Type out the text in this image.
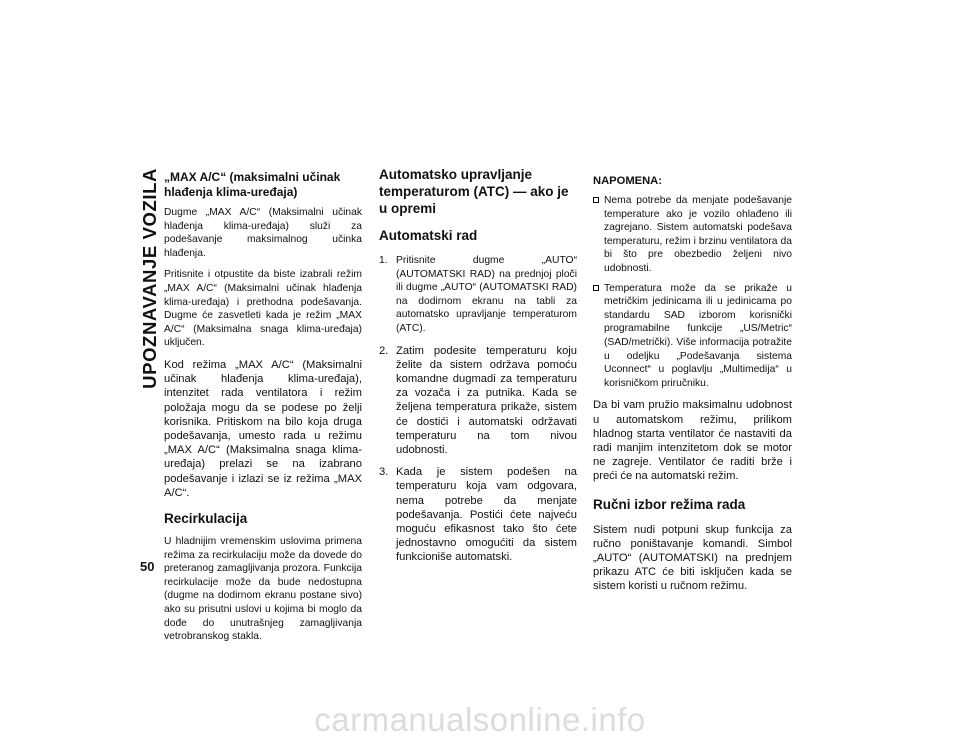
UPOZNAVANJE VOZILA
50
„MAX A/C“ (maksimalni učinak hlađenja klima-uređaja)

Dugme „MAX A/C“ (Maksimalni učinak hlađenja klima-uređaja) služi za podešavanje maksimalnog učinka hlađenja.

Pritisnite i otpustite da biste izabrali režim „MAX A/C“ (Maksimalni učinak hlađenja klima-uređaja) i prethodna podešavanja. Dugme će zasvetleti kada je režim „MAX A/C“ (Maksimalna snaga klima-uređaja) uključen.

Kod režima „MAX A/C“ (Maksimalni učinak hlađenja klima-uređaja), intenzitet rada ventilatora i režim položaja mogu da se podese po želji korisnika. Pritiskom na bilo koja druga podešavanja, umesto rada u režimu „MAX A/C“ (Maksimalna snaga klima-uređaja) prelazi se na izabrano podešavanje i izlazi se iz režima „MAX A/C“.

Recirkulacija

U hladnijim vremenskim uslovima primena režima za recirkulaciju može da dovede do preteranog zamagljivanja prozora. Funkcija recirkulacije može da bude nedostupna (dugme na dodirnom ekranu postane sivo) ako su prisutni uslovi u kojima bi moglo da dođe do unutrašnjeg zamagljivanja vetrobranskog stakla.

Automatsko upravljanje temperaturom (ATC) — ako je u opremi
Automatski rad
1. Pritisnite dugme „AUTO“ (AUTOMATSKI RAD) na prednjoj ploči ili dugme „AUTO“ (AUTOMATSKI RAD) na dodirnom ekranu na tabli za automatsko upravljanje temperaturom (ATC).
2. Zatim podesite temperaturu koju želite da sistem održava pomoću komandne dugmadi za temperaturu za vozača i za putnika. Kada se željena temperatura prikaže, sistem će dostići i automatski održavati temperaturu na tom nivou udobnosti.
3. Kada je sistem podešen na temperaturu koja vam odgovara, nema potrebe da menjate podešavanja. Postići ćete najveću moguću efikasnost tako što ćete jednostavno omogućiti da sistem funkcioniše automatski.
NAPOMENA:
Nema potrebe da menjate podešavanje temperature ako je vozilo ohlađeno ili zagrejano. Sistem automatski podešava temperaturu, režim i brzinu ventilatora da bi što pre obezbedio željeni nivo udobnosti.
Temperatura može da se prikaže u metričkim jedinicama ili u jedinicama po standardu SAD izborom korisnički programabilne funkcije „US/Metric“ (SAD/metrički). Više informacija potražite u odeljku „Podešavanja sistema Uconnect“ u poglavlju „Multimedija“ u korisničkom priručniku.

Da bi vam pružio maksimalnu udobnost u automatskom režimu, prilikom hladnog starta ventilator će nastaviti da radi manjim intenzitetom dok se motor ne zagreje. Ventilator će raditi brže i preći će na automatski režim.

Ručni izbor režima rada

Sistem nudi potpuni skup funkcija za ručno poništavanje komandi. Simbol „AUTO“ (AUTOMATSKI) na prednjem prikazu ATC će biti isključen kada se sistem koristi u ručnom režimu.

carmanualsonline.info
